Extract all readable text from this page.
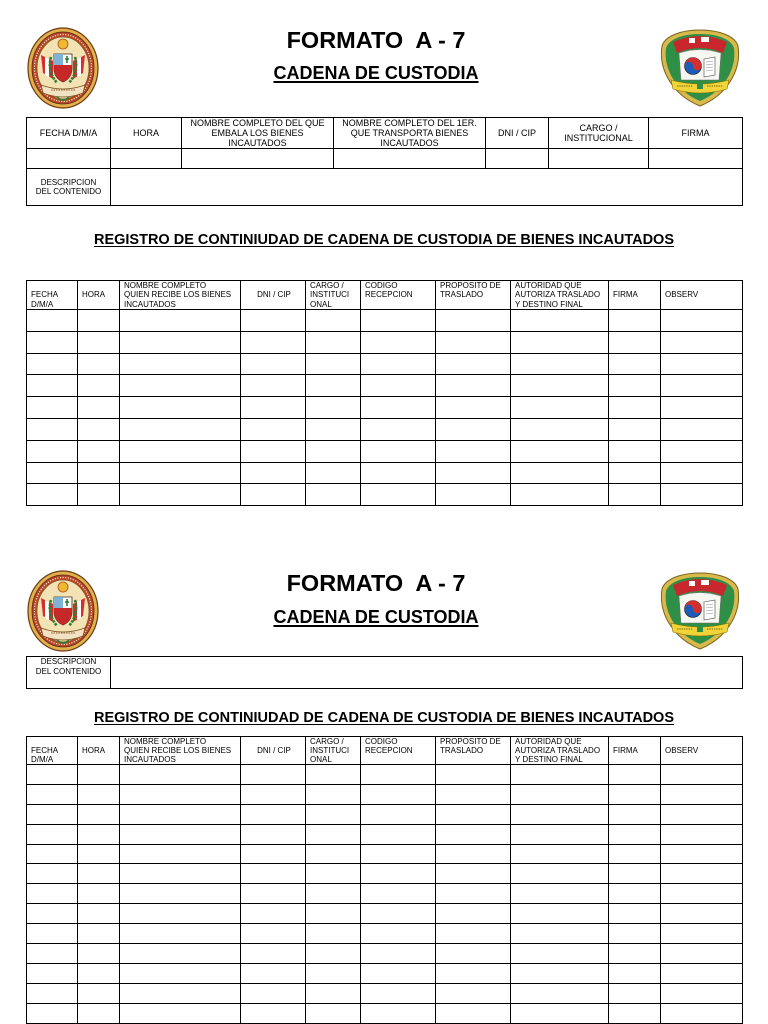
FORMATO  A - 7
CADENA DE CUSTODIA
FECHA D/M/A	HORA	NOMBRE COMPLETO DEL QUE
EMBALA LOS BIENES
INCAUTADOS	NOMBRE COMPLETO DEL 1ER.
QUE TRANSPORTA BIENES
INCAUTADOS	DNI / CIP	CARGO /
INSTITUCIONAL	FIRMA

DESCRIPCION
DEL CONTENIDO						
REGISTRO DE CONTINIUDAD DE CADENA DE CUSTODIA DE BIENES INCAUTADOS
FECHA
D/M/A	HORA	NOMBRE COMPLETO
QUIEN RECIBE LOS BIENES
INCAUTADOS	DNI / CIP	CARGO /
INSTITUCI
ONAL	CODIGO
RECEPCION	PROPOSITO DE
TRASLADO	AUTORIDAD QUE
AUTORIZA TRASLADO
Y DESTINO FINAL	FIRMA	OBSERV

FORMATO  A - 7
CADENA DE CUSTODIA
DESCRIPCION
DEL CONTENIDO	
REGISTRO DE CONTINIUDAD DE CADENA DE CUSTODIA DE BIENES INCAUTADOS
FECHA
D/M/A	HORA	NOMBRE COMPLETO
QUIEN RECIBE LOS BIENES
INCAUTADOS	DNI / CIP	CARGO /
INSTITUCI
ONAL	CODIGO
RECEPCION	PROPOSITO DE
TRASLADO	AUTORIDAD QUE
AUTORIZA TRASLADO
Y DESTINO FINAL	FIRMA	OBSERV
